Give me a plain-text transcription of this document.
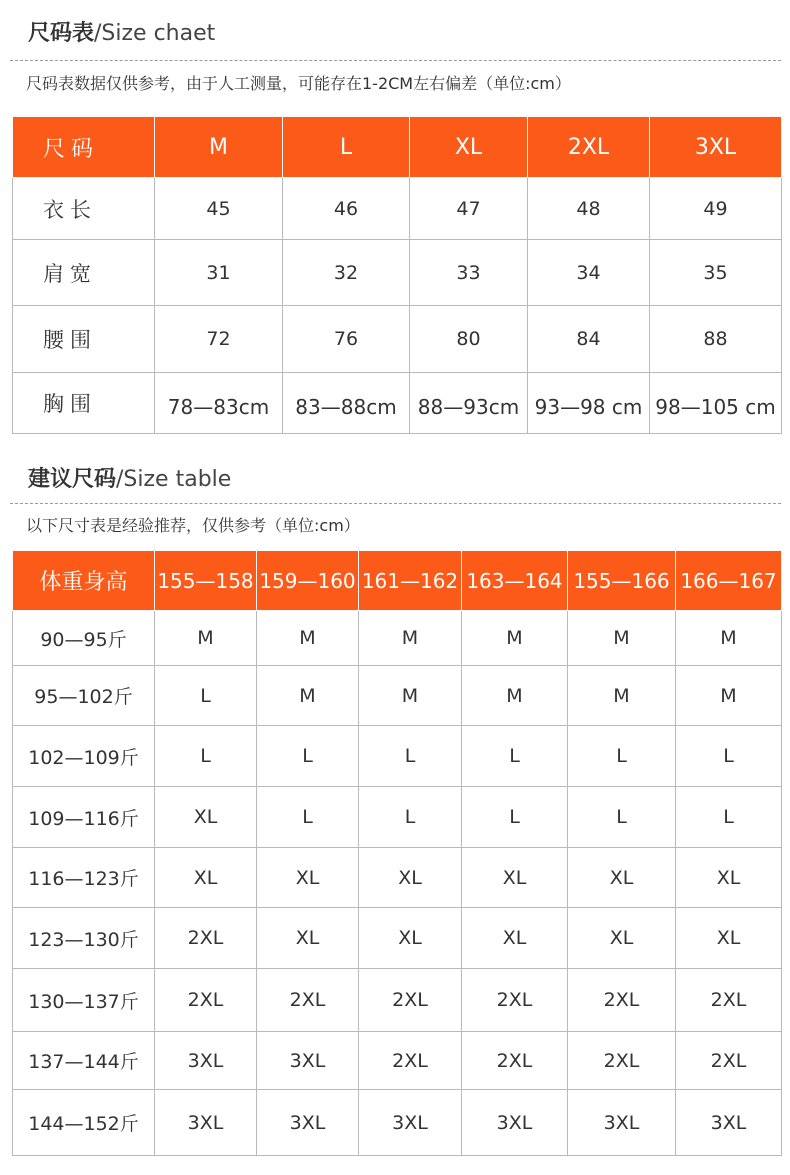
尺码表/Size chaet
尺码表数据仅供参考，由于人工测量，可能存在1-2CM左右偏差（单位:cm）
尺码	M	L	XL	2XL	3XL
衣长	45	46	47	48	49
肩宽	31	32	33	34	35
腰围	72	76	80	84	88
胸围	78—83cm	83—88cm	88—93cm	93—98 cm	98—105 cm
建议尺码/Size table
以下尺寸表是经验推荐，仅供参考（单位:cm）
体重身高	155—158	159—160	161—162	163—164	155—166	166—167
90—95斤	M	M	M	M	M	M
95—102斤	L	M	M	M	M	M
102—109斤	L	L	L	L	L	L
109—116斤	XL	L	L	L	L	L
116—123斤	XL	XL	XL	XL	XL	XL
123—130斤	2XL	XL	XL	XL	XL	XL
130—137斤	2XL	2XL	2XL	2XL	2XL	2XL
137—144斤	3XL	3XL	2XL	2XL	2XL	2XL
144—152斤	3XL	3XL	3XL	3XL	3XL	3XL
